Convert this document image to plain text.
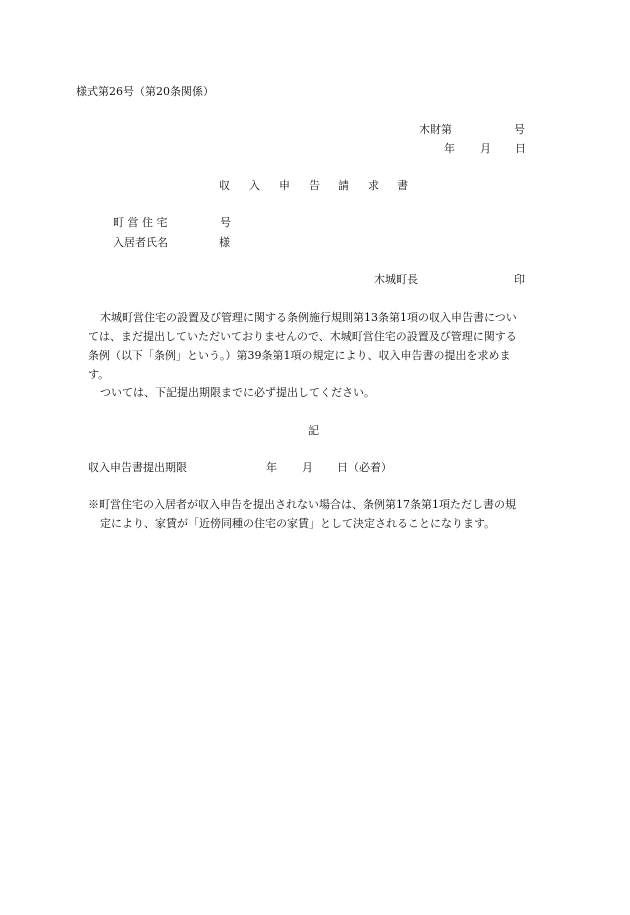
様式第26号（第20条関係）
木財第	号
年 月 日
収 入 申 告 請 求 書
町 営 住 宅	号
入居者氏名	様
木城町長	印
木城町営住宅の設置及び管理に関する条例施行規則第13条第1項の収入申告書につい
ては、まだ提出していただいておりませんので、木城町営住宅の設置及び管理に関する
条例（以下「条例」という。）第39条第1項の規定により、収入申告書の提出を求めま
す。
ついては、下記提出期限までに必ず提出してください。
記
収入申告書提出期限	年 月 日（必着）
※町営住宅の入居者が収入申告を提出されない場合は、条例第17条第1項ただし書の規
定により、家賃が「近傍同種の住宅の家賃」として決定されることになります。
